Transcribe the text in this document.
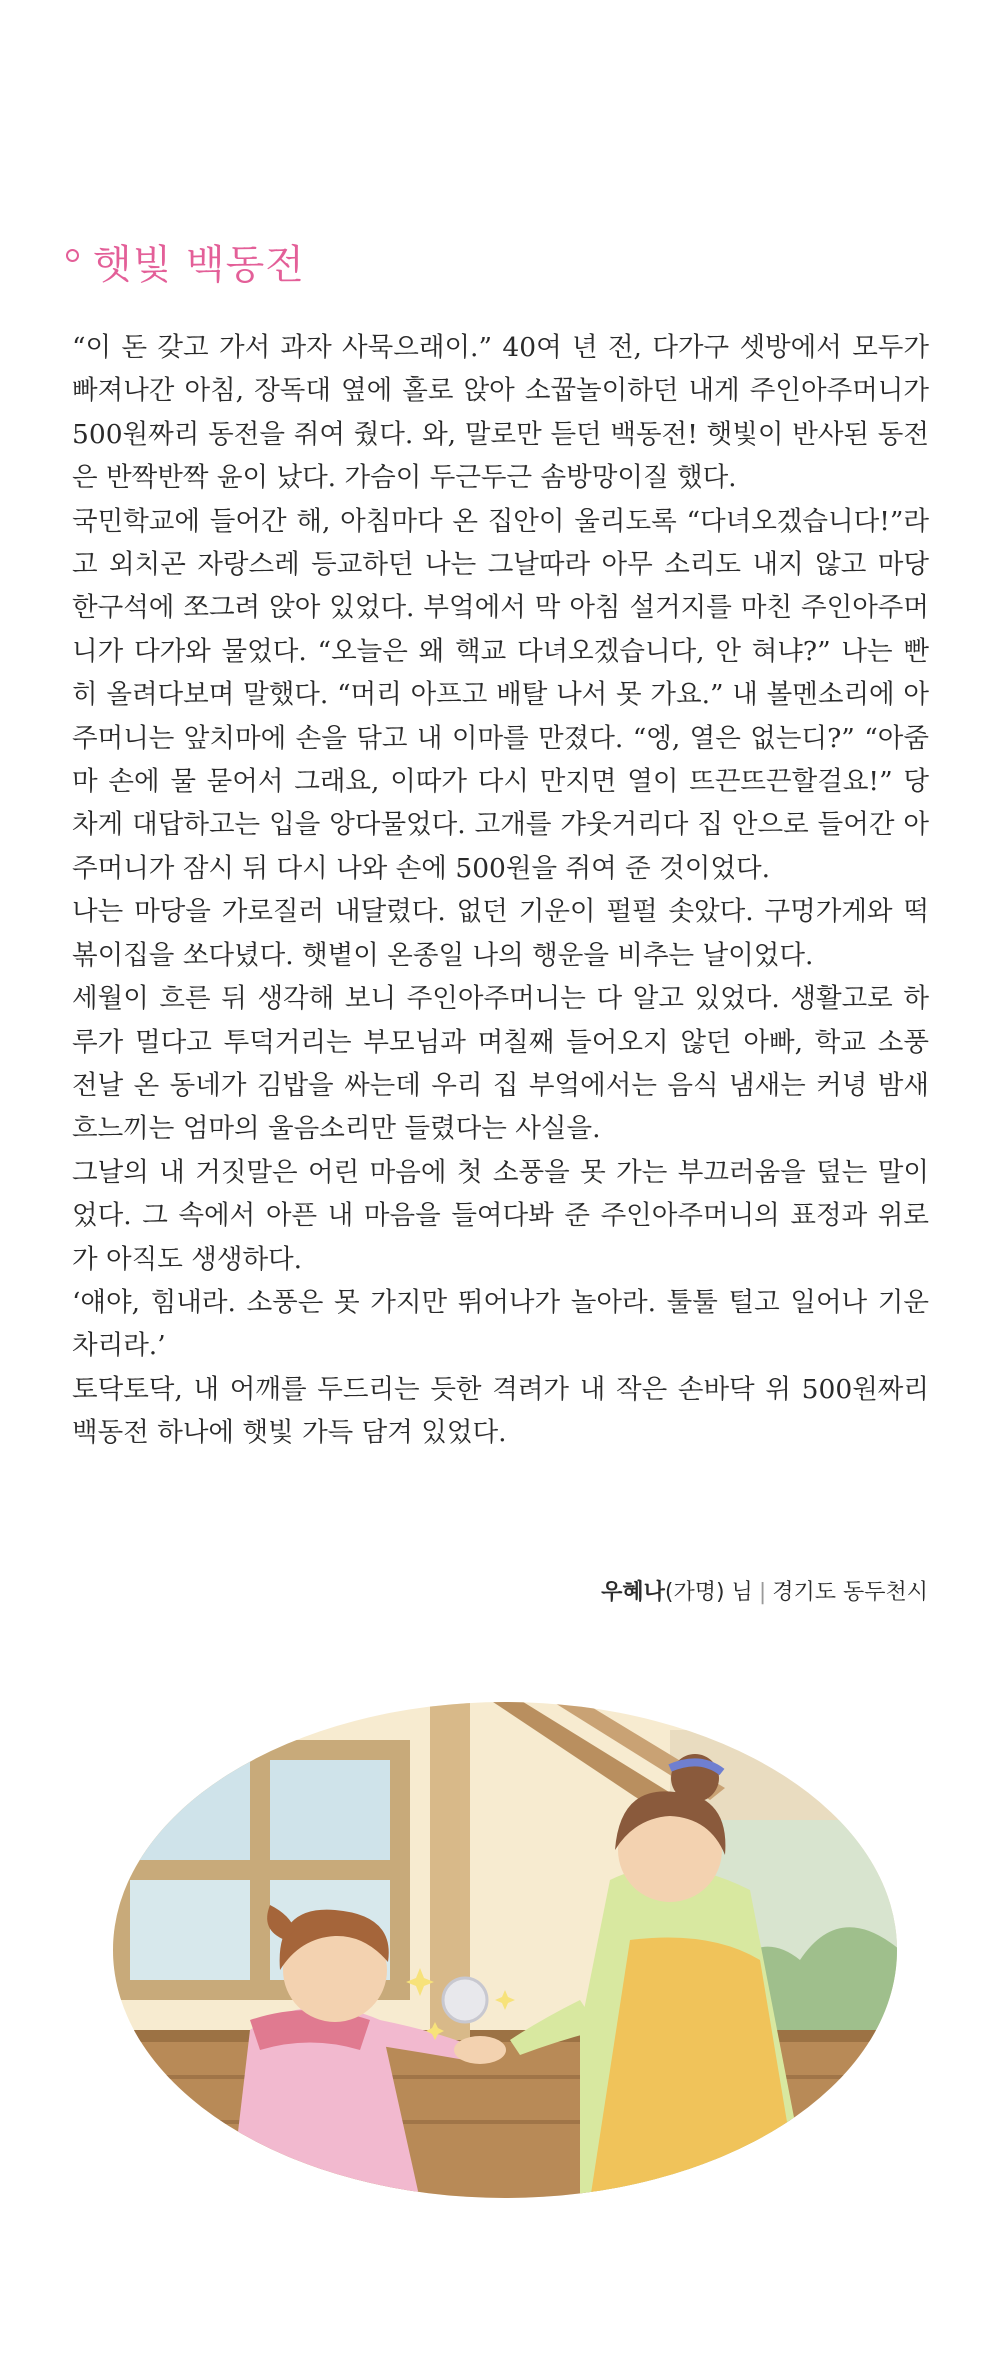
햇빛 백동전

“이 돈 갖고 가서 과자 사묵으래이.” 40여 년 전, 다가구 셋방에서 모두가 빠져나간 아침, 장독대 옆에 홀로 앉아 소꿉놀이하던 내게 주인아주머니가 500원짜리 동전을 쥐여 줬다. 와, 말로만 듣던 백동전! 햇빛이 반사된 동전은 반짝반짝 윤이 났다. 가슴이 두근두근 솜방망이질 했다.

국민학교에 들어간 해, 아침마다 온 집안이 울리도록 “다녀오겠습니다!”라고 외치곤 자랑스레 등교하던 나는 그날따라 아무 소리도 내지 않고 마당 한구석에 쪼그려 앉아 있었다. 부엌에서 막 아침 설거지를 마친 주인아주머니가 다가와 물었다. “오늘은 왜 핵교 다녀오겠습니다, 안 혀냐?” 나는 빤히 올려다보며 말했다. “머리 아프고 배탈 나서 못 가요.” 내 볼멘소리에 아주머니는 앞치마에 손을 닦고 내 이마를 만졌다. “엥, 열은 없는디?” “아줌마 손에 물 묻어서 그래요, 이따가 다시 만지면 열이 뜨끈뜨끈할걸요!” 당차게 대답하고는 입을 앙다물었다. 고개를 갸웃거리다 집 안으로 들어간 아주머니가 잠시 뒤 다시 나와 손에 500원을 쥐여 준 것이었다.

나는 마당을 가로질러 내달렸다. 없던 기운이 펄펄 솟았다. 구멍가게와 떡볶이집을 쏘다녔다. 햇볕이 온종일 나의 행운을 비추는 날이었다.

세월이 흐른 뒤 생각해 보니 주인아주머니는 다 알고 있었다. 생활고로 하루가 멀다고 투덕거리는 부모님과 며칠째 들어오지 않던 아빠, 학교 소풍 전날 온 동네가 김밥을 싸는데 우리 집 부엌에서는 음식 냄새는 커녕 밤새 흐느끼는 엄마의 울음소리만 들렸다는 사실을.

그날의 내 거짓말은 어린 마음에 첫 소풍을 못 가는 부끄러움을 덮는 말이었다. 그 속에서 아픈 내 마음을 들여다봐 준 주인아주머니의 표정과 위로가 아직도 생생하다.

‘얘야, 힘내라. 소풍은 못 가지만 뛰어나가 놀아라. 툴툴 털고 일어나 기운 차리라.’

토닥토닥, 내 어깨를 두드리는 듯한 격려가 내 작은 손바닥 위 500원짜리 백동전 하나에 햇빛 가득 담겨 있었다.

우혜나(가명) 님 | 경기도 동두천시
